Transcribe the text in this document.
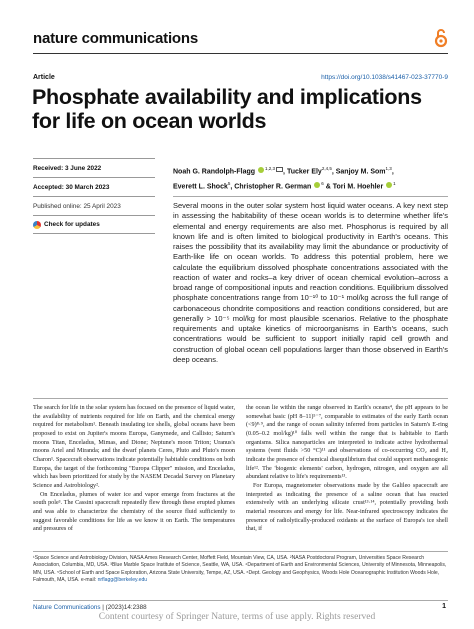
nature communications
Article	https://doi.org/10.1038/s41467-023-37770-9
Phosphate availability and implications for life on ocean worlds
Received: 3 June 2022
Accepted: 30 March 2023
Published online: 25 April 2023
Check for updates
Noah G. Randolph-Flagg $^{1,2,3}$ , Tucker Ely$^{2,4,5}$, Sanjoy M. Som$^{1,3}$,
Everett L. Shock$^5$, Christopher R. German $^6$ & Tori M. Hoehler $^1$

Several moons in the outer solar system host liquid water oceans. A key next step in assessing the habitability of these ocean worlds is to determine whether life's elemental and energy requirements are also met. Phosphorus is required by all known life and is often limited to biological productivity in Earth's oceans. This raises the possibility that its availability may limit the abundance or productivity of Earth-like life on ocean worlds. To address this potential problem, here we calculate the equilibrium dissolved phosphate concentrations associated with the reaction of water and rocks–a key driver of ocean chemical evolution–across a broad range of compositional inputs and reaction conditions. Equilibrium dissolved phosphate concentrations range from 10⁻¹⁰ to 10⁻¹ mol/kg across the full range of carbonaceous chondrite compositions and reaction conditions considered, but are generally > 10⁻⁵ mol/kg for most plausible scenarios. Relative to the phosphate requirements and uptake kinetics of microorganisms in Earth's oceans, such concentrations would be sufficient to support initially rapid cell growth and construction of global ocean cell populations larger than those observed in Earth's deep oceans.

The search for life in the solar system has focused on the presence of liquid water, the availability of nutrients required for life on Earth, and the chemical energy required for metabolism¹. Beneath insulating ice shells, global oceans have been proposed to exist on Jupiter's moons Europa, Ganymede, and Callisto; Saturn's moons Titan, Enceladus, Mimas, and Dione; Neptune's moon Triton; Uranus's moons Ariel and Miranda; and the dwarf planets Ceres, Pluto and Pluto's moon Charon¹. Spacecraft observations indicate potentially habitable conditions on both Europa, the target of the forthcoming "Europa Clipper" mission, and Enceladus, which has been prioritized for study by the NASEM Decadal Survey on Planetary Science and Astrobiology².

On Enceladus, plumes of water ice and vapor emerge from fractures at the south pole³. The Cassini spacecraft repeatedly flew through these erupted plumes and was able to characterize the chemistry of the source fluid sufficiently to suggest favorable conditions for life as we know it on Earth. The temperatures and pressures of

the ocean lie within the range observed in Earth's oceans⁴, the pH appears to be somewhat basic (pH 8–11)⁵⁻⁷, comparable to estimates of the early Earth ocean (<9)⁸·⁹, and the range of ocean salinity inferred from particles in Saturn's E-ring (0.05–0.2 mol/kg)¹⁰ falls well within the range that is habitable to Earth organisms. Silica nanoparticles are interpreted to indicate active hydrothermal systems (vent fluids >50 °C)¹¹ and observations of co-occurring CO₂ and H₂ indicate the presence of chemical disequilibrium that could support methanogenic life¹². The 'biogenic elements' carbon, hydrogen, nitrogen, and oxygen are all abundant relative to life's requirements¹³.

For Europa, magnetometer observations made by the Galileo spacecraft are interpreted as indicating the presence of a saline ocean that has reacted extensively with an underlying silicate crust¹³·¹⁴, potentially providing both material resources and energy for life. Near-infrared spectroscopy indicates the presence of radiolytically-produced oxidants at the surface of Europa's ice shell that, if

¹Space Science and Astrobiology Division, NASA Ames Research Center, Moffett Field, Mountain View, CA, USA. ²NASA Postdoctoral Program, Universities Space Research Association, Columbia, MD, USA. ³Blue Marble Space Institute of Science, Seattle, WA, USA. ⁴Department of Earth and Environmental Sciences, University of Minnesota, Minneapolis, MN, USA. ⁵School of Earth and Space Exploration, Arizona State University, Tempe, AZ, USA. ⁶Dept. Geology and Geophysics, Woods Hole Oceanographic Institution Woods Hole, Falmouth, MA, USA. e-mail: nrflagg@berkeley.edu
Nature Communications | (2023)14:2388	1
Content courtesy of Springer Nature, terms of use apply. Rights reserved
